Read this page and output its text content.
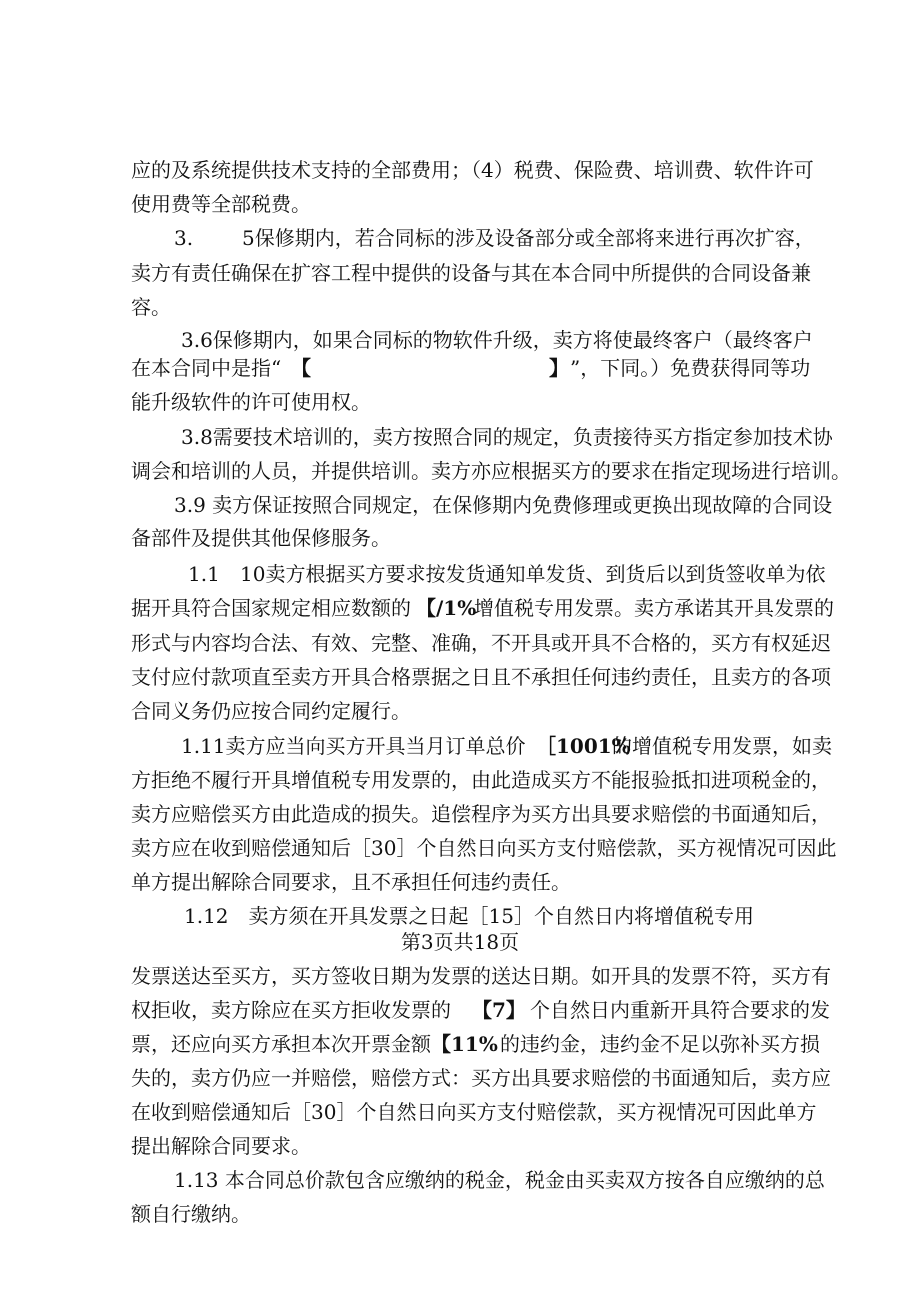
应的及系统提供技术支持的全部费用；（4）税费、保险费、培训费、软件许可
使用费等全部税费。
3. 5保修期内，若合同标的涉及设备部分或全部将来进行再次扩容，
卖方有责任确保在扩容工程中提供的设备与其在本合同中所提供的合同设备兼
容。
3.6保修期内，如果合同标的物软件升级，卖方将使最终客户（最终客户
在本合同中是指“ 【	】 ”，下同。）免费获得同等功
能升级软件的许可使用权。
3.8需要技术培训的，卖方按照合同的规定，负责接待买方指定参加技术协
调会和培训的人员，并提供培训。卖方亦应根据买方的要求在指定现场进行培训。
3.9 卖方保证按照合同规定，在保修期内免费修理或更换出现故障的合同设
备部件及提供其他保修服务。
1.1 10卖方根据买方要求按发货通知单发货、到货后以到货签收单为依
据开具符合国家规定相应数额的 【/1%
增值税专用发票。卖方承诺其开具发票的
形式与内容均合法、有效、完整、准确，不开具或开具不合格的，买方有权延迟
支付应付款项直至卖方开具合格票据之日且不承担任何违约责任，且卖方的各项
合同义务仍应按合同约定履行。
1.11卖方应当向买方开具当月订单总价 ［1001%
的增值税专用发票，如卖
方拒绝不履行开具增值税专用发票的，由此造成买方不能报验抵扣进项税金的，
卖方应赔偿买方由此造成的损失。追偿程序为买方出具要求赔偿的书面通知后，
卖方应在收到赔偿通知后［30］个自然日向买方支付赔偿款，买方视情况可因此
单方提出解除合同要求，且不承担任何违约责任。
1.12　卖方须在开具发票之日起［15］个自然日内将增值税专用
第3页共18页
发票送达至买方，买方签收日期为发票的送达日期。如开具的发票不符，买方有
权拒收，卖方除应在买方拒收发票的 【7】 个自然日内重新开具符合要求的发
票，还应向买方承担本次开票金额 【11% 的违约金，违约金不足以弥补买方损
失的，卖方仍应一并赔偿，赔偿方式：买方出具要求赔偿的书面通知后，卖方应
在收到赔偿通知后［30］个自然日向买方支付赔偿款，买方视情况可因此单方
提出解除合同要求。
1.13 本合同总价款包含应缴纳的税金，税金由买卖双方按各自应缴纳的总
额自行缴纳。
